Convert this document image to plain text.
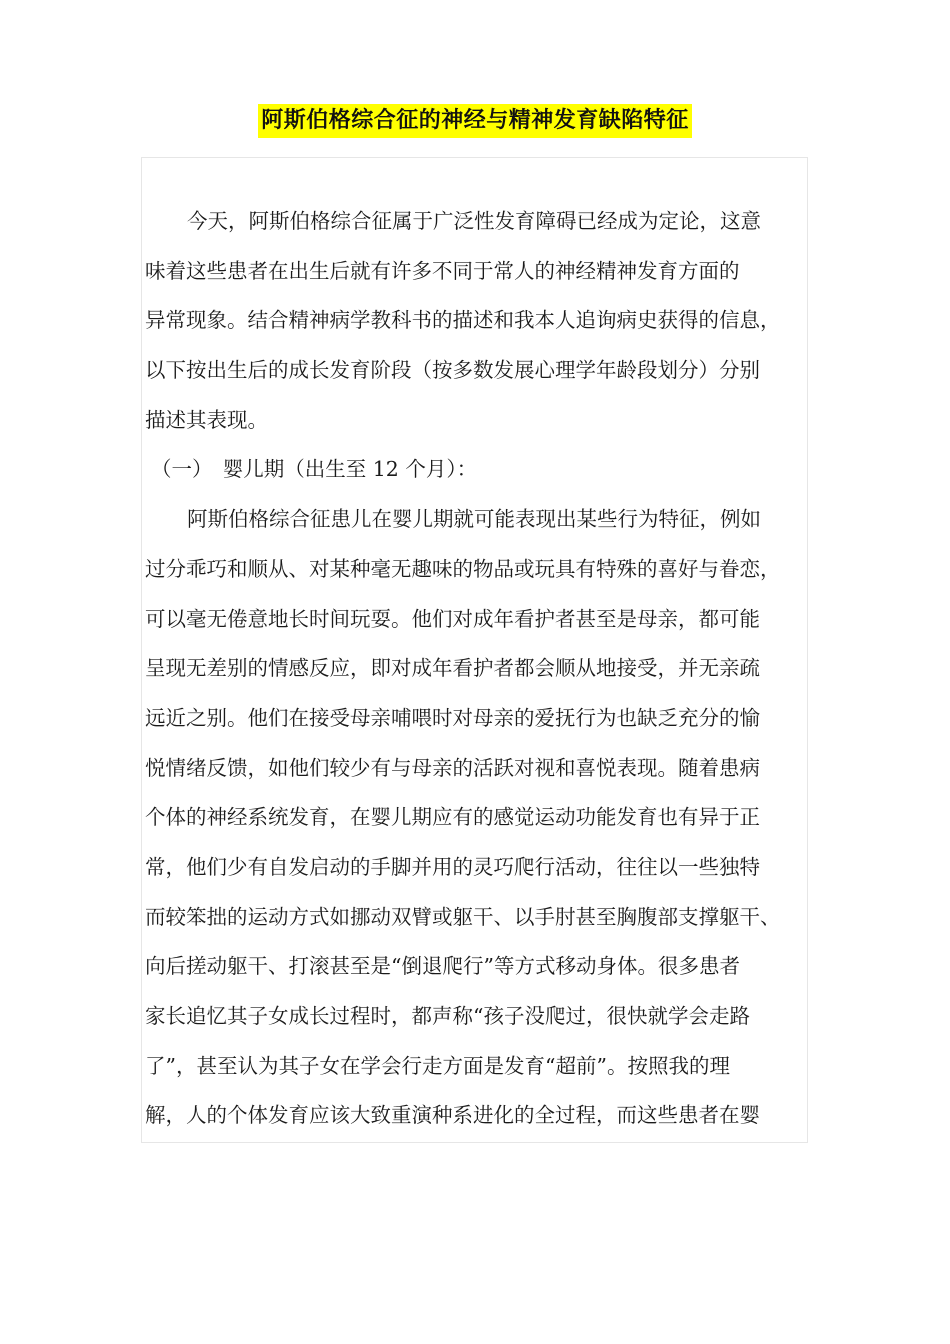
阿斯伯格综合征的神经与精神发育缺陷特征
今天，阿斯伯格综合征属于广泛性发育障碍已经成为定论，这意
味着这些患者在出生后就有许多不同于常人的神经精神发育方面的
异常现象。结合精神病学教科书的描述和我本人追询病史获得的信息，
以下按出生后的成长发育阶段（按多数发展心理学年龄段划分）分别
描述其表现。
（一）　婴儿期（出生至 12 个月）：
阿斯伯格综合征患儿在婴儿期就可能表现出某些行为特征，例如
过分乖巧和顺从、对某种毫无趣味的物品或玩具有特殊的喜好与眷恋，
可以毫无倦意地长时间玩耍。他们对成年看护者甚至是母亲，都可能
呈现无差别的情感反应，即对成年看护者都会顺从地接受，并无亲疏
远近之别。他们在接受母亲哺喂时对母亲的爱抚行为也缺乏充分的愉
悦情绪反馈，如他们较少有与母亲的活跃对视和喜悦表现。随着患病
个体的神经系统发育，在婴儿期应有的感觉运动功能发育也有异于正
常，他们少有自发启动的手脚并用的灵巧爬行活动，往往以一些独特
而较笨拙的运动方式如挪动双臂或躯干、以手肘甚至胸腹部支撑躯干、
向后搓动躯干、打滚甚至是“倒退爬行”等方式移动身体。很多患者
家长追忆其子女成长过程时，都声称“孩子没爬过，很快就学会走路
了”，甚至认为其子女在学会行走方面是发育“超前”。按照我的理
解，人的个体发育应该大致重演种系进化的全过程，而这些患者在婴
